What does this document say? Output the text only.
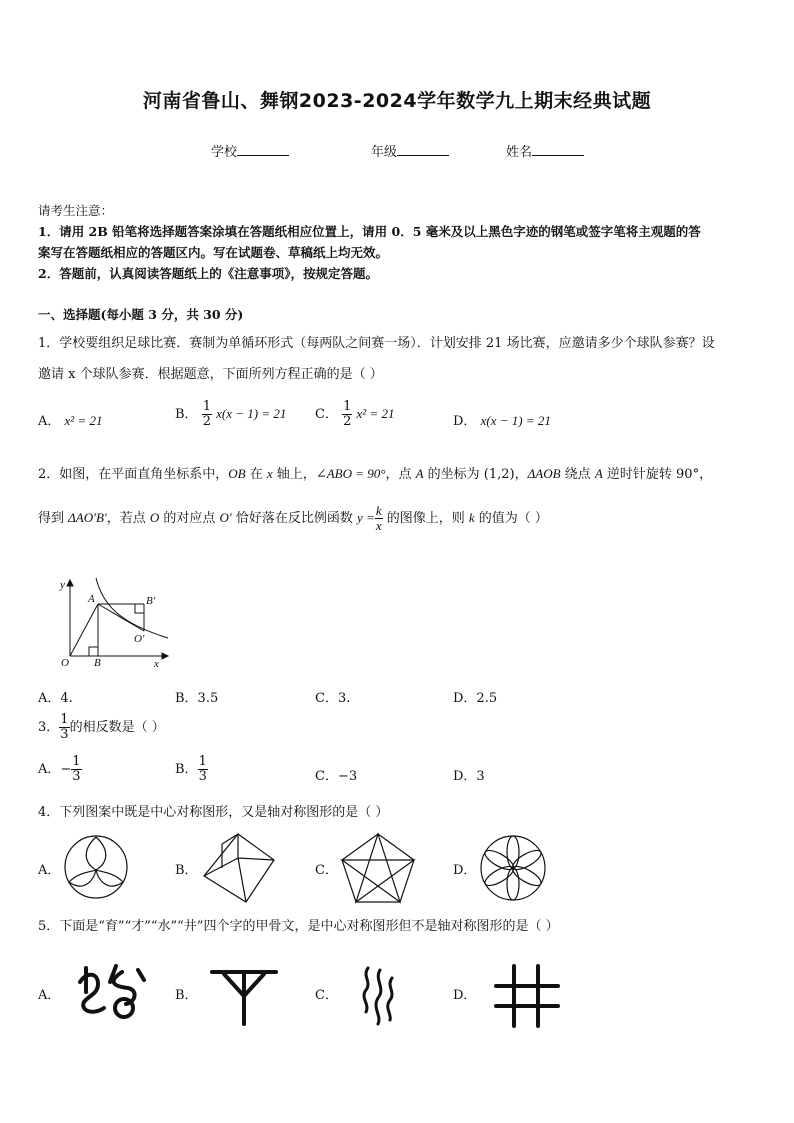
河南省鲁山、舞钢2023-2024学年数学九上期末经典试题
学校	年级	姓名
请考生注意：
1．请用 2B 铅笔将选择题答案涂填在答题纸相应位置上，请用 0．5 毫米及以上黑色字迹的钢笔或签字笔将主观题的答
案写在答题纸相应的答题区内。写在试题卷、草稿纸上均无效。
2．答题前，认真阅读答题纸上的《注意事项》，按规定答题。
一、选择题(每小题 3 分，共 30 分)
1．学校要组织足球比赛．赛制为单循环形式（每两队之间赛一场）．计划安排 21 场比赛，应邀请多少个球队参赛？设
邀请 x 个球队参赛．根据题意，下面所列方程正确的是（ ）
A． x² = 21	B． $\frac{1}{2} x(x - 1) = 21$ C． $\frac{1}{2} x^2 = 21$
D． x(x − 1) = 21
2．如图，在平面直角坐标系中，OB 在 x 轴上，∠ABO = 90°，点 A 的坐标为 (1,2)，ΔAOB 绕点 A 逆时针旋转 90°，
得到 ΔAO′B′，若点 O 的对应点 O′ 恰好落在反比例函数 $y = \frac{k}{x}$ 的图像上，则 k 的值为（ ）
y
x
O
A
B
B′
O′
A．4.	B．3.5	C．3.	D．2.5
3． $\frac{1}{3}$ 的相反数是（ ）
A．− $\frac{1}{3}$	B． $\frac{1}{3}$	C．−3	D．3
4．下列图案中既是中心对称图形，又是轴对称图形的是（ ）
A．	B．	C．	D．
5．下面是“育”“才”“水”“井”四个字的甲骨文，是中心对称图形但不是轴对称图形的是（ ）
A．	B．	C．	D．
